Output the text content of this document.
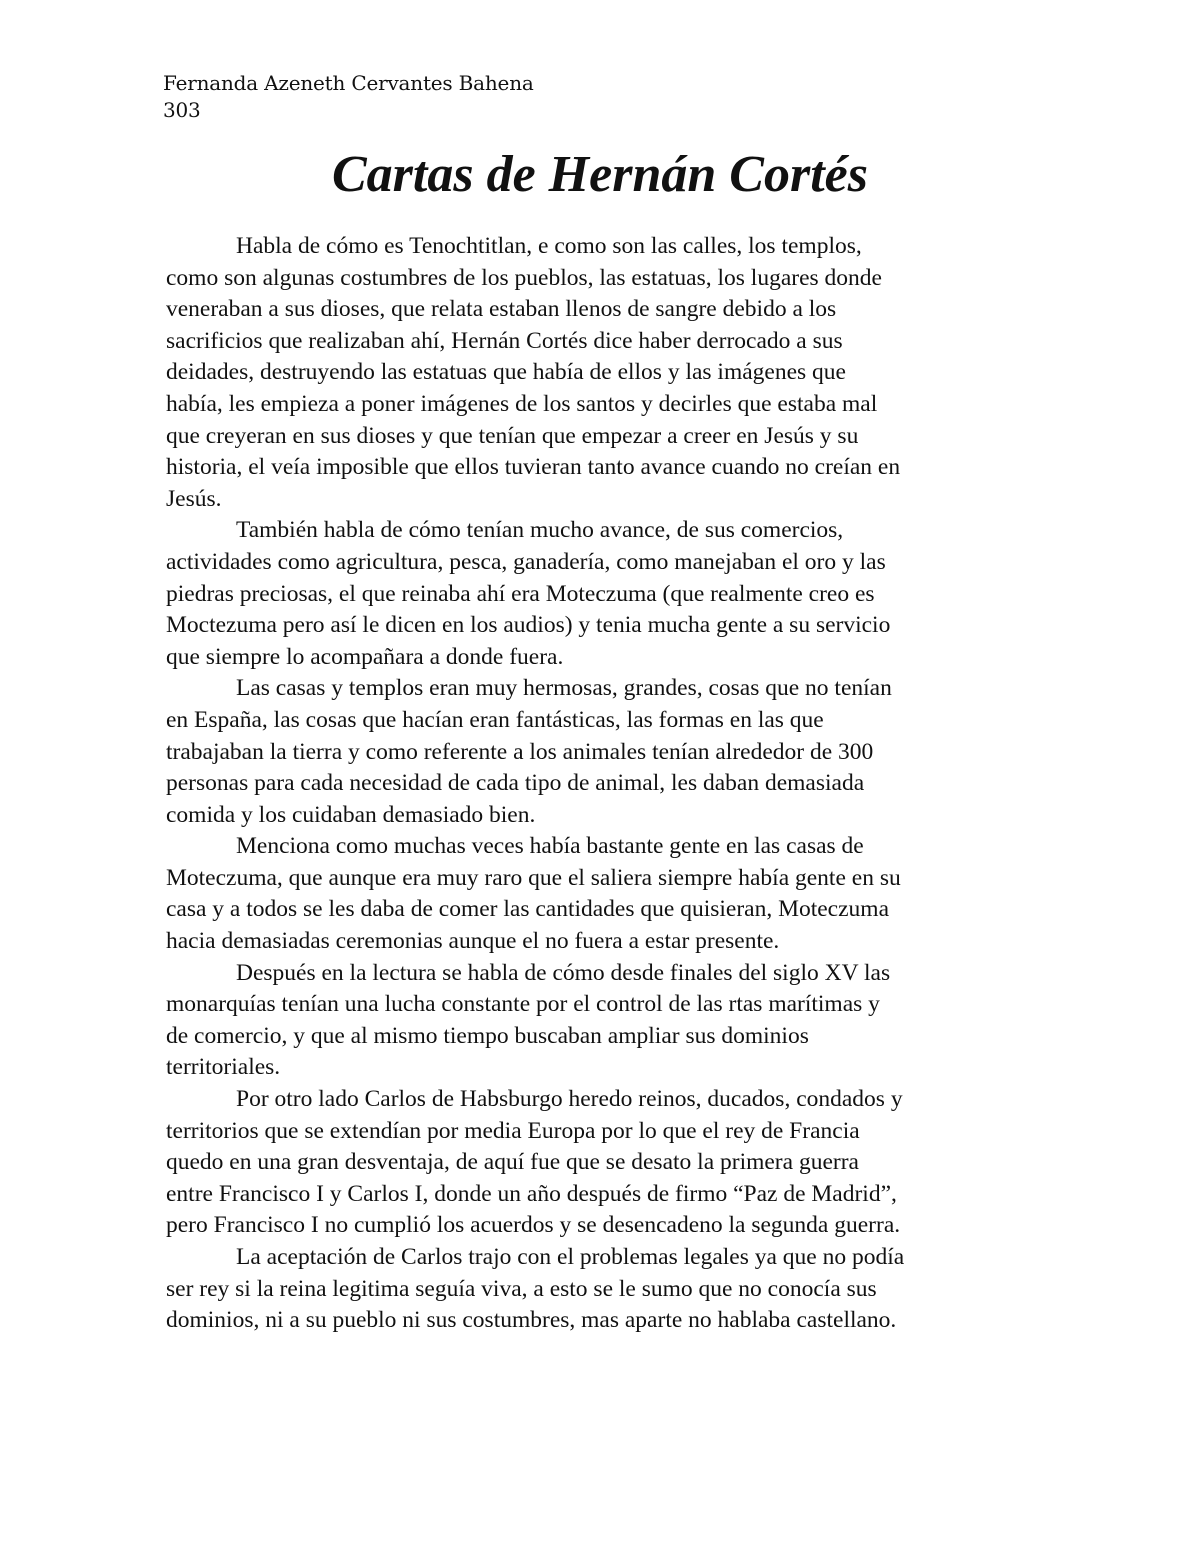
Fernanda Azeneth Cervantes Bahena
303
Cartas de Hernán Cortés
Habla de cómo es Tenochtitlan, e como son las calles, los templos,
como son algunas costumbres de los pueblos, las estatuas, los lugares donde
veneraban a sus dioses, que relata estaban llenos de sangre debido a los
sacrificios que realizaban ahí, Hernán Cortés dice haber derrocado a sus
deidades, destruyendo las estatuas que había de ellos y las imágenes que
había, les empieza a poner imágenes de los santos y decirles que estaba mal
que creyeran en sus dioses y que tenían que empezar a creer en Jesús y su
historia, el veía imposible que ellos tuvieran tanto avance cuando no creían en
Jesús.
También habla de cómo tenían mucho avance, de sus comercios,
actividades como agricultura, pesca, ganadería, como manejaban el oro y las
piedras preciosas, el que reinaba ahí era Moteczuma (que realmente creo es
Moctezuma pero así le dicen en los audios) y tenia mucha gente a su servicio
que siempre lo acompañara a donde fuera.
Las casas y templos eran muy hermosas, grandes, cosas que no tenían
en España, las cosas que hacían eran fantásticas, las formas en las que
trabajaban la tierra y como referente a los animales tenían alrededor de 300
personas para cada necesidad de cada tipo de animal, les daban demasiada
comida y los cuidaban demasiado bien.
Menciona como muchas veces había bastante gente en las casas de
Moteczuma, que aunque era muy raro que el saliera siempre había gente en su
casa y a todos se les daba de comer las cantidades que quisieran, Moteczuma
hacia demasiadas ceremonias aunque el no fuera a estar presente.
Después en la lectura se habla de cómo desde finales del siglo XV las
monarquías tenían una lucha constante por el control de las rtas marítimas y
de comercio, y que al mismo tiempo buscaban ampliar sus dominios
territoriales.
Por otro lado Carlos de Habsburgo heredo reinos, ducados, condados y
territorios que se extendían por media Europa por lo que el rey de Francia
quedo en una gran desventaja, de aquí fue que se desato la primera guerra
entre Francisco I y Carlos I, donde un año después de firmo “Paz de Madrid”,
pero Francisco I no cumplió los acuerdos y se desencadeno la segunda guerra.
La aceptación de Carlos trajo con el problemas legales ya que no podía
ser rey si la reina legitima seguía viva, a esto se le sumo que no conocía sus
dominios, ni a su pueblo ni sus costumbres, mas aparte no hablaba castellano.
